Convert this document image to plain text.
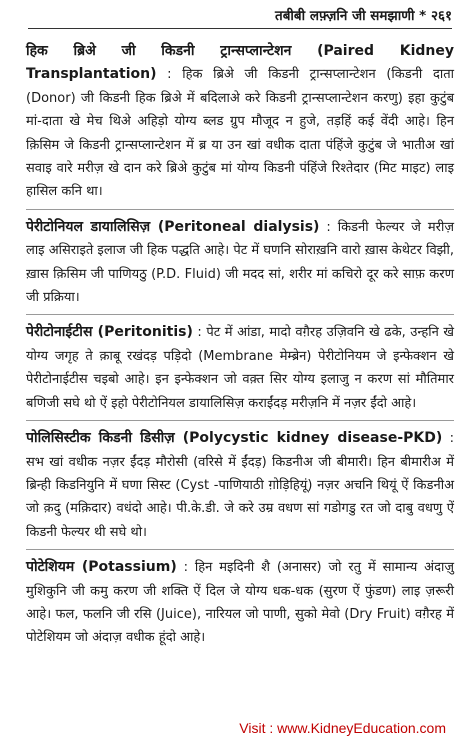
तबीबी लफ़्ज़नि जी समझाणी * २६१

हिक ब्रिअे जी किडनी ट्रान्सप्लान्टेशन (Paired Kidney Transplantation) : हिक ब्रिअे जी किडनी ट्रान्सप्लान्टेशन (किडनी दाता (Donor) जी किडनी हिक ब्रिअे में बदिलाअे करे किडनी ट्रान्सप्लान्टेशन करणु) इहा कुटुंब मां-दाता खे मेच थिअे अहिड़ो योग्य ब्लड ग्रुप मौजूद न हुजे, तड़हिं कई वेंदी आहे। हिन क़िसिम जे किडनी ट्रान्सप्लान्टेशन में ब्र या उन खां वधीक दाता पंहिंजे कुटुंब जे भातीअ खां सवाइ वारे मरीज़ खे दान करे ब्रिअे कुटुंब मां योग्य किडनी पंहिंजे रिश्तेदार (मिट माइट) लाइ हासिल कनि था।

पेरीटोनियल डायालिसिज़ (Peritoneal dialysis) : किडनी फेल्यर जे मरीज़ लाइ असिराइते इलाज जी हिक पद्धति आहे। पेट में घणनि सोराख़नि वारो ख़ास केथेटर विझी, ख़ास क़िसिम जी पाणियठु (P.D. Fluid) जी मदद सां, शरीर मां कचिरो दूर करे साफ़ करण जी प्रक्रिया।

पेरीटोनाईटीस (Peritonitis) : पेट में आंडा, मादो वग़ैरह उज़िवनि खे ढके, उन्हनि खे योग्य जगृह ते क़ाबू रखंदड़ पड़िदो (Membrane मेम्ब्रेन) पेरीटोनियम जे इन्फेक्शन खे पेरीटोनाईटीस चइबो आहे। इन इन्फेक्शन जो वक़्त सिर योग्य इलाजु न करण सां मौतिमार बणिजी सघे थो ऐं इहो पेरीटोनियल डायालिसिज़ कराईंदड़ मरीज़नि में नज़र ईंदो आहे।

पोलिसिस्टीक किडनी डिसीज़ (Polycystic kidney disease-PKD) : सभ खां वधीक नज़र ईंदड़ मौरोसी (वरिसे में ईंदड़) किडनीअ जी बीमारी। हिन बीमारीअ में ब्रिन्ही किडनियुनि में घणा सिस्ट (Cyst -पाणियाठी ग़ोड़िहियूं) नज़र अचनि थियूं ऐं किडनीअ जो क़दु (मक़िदार) वधंदो आहे। पी.के.डी. जे करे उम्र वधण सां गडोगडु रत जो दाबु वधणु ऐं किडनी फेल्यर थी सघे थो।

पोटेशियम (Potassium) : हिन मइदिनी शै (अनासर) जो रतु में सामान्य अंदाज़ु मुशिकुनि जी कमु करण जी शक्ति ऐं दिल जे योग्य धक-धक (सुरण ऐं फुंडण) लाइ ज़रूरी आहे। फल, फलनि जी रसि (Juice), नारियल जो पाणी, सुको मेवो (Dry Fruit) वग़ैरह में पोटेशियम जो अंदाज़ वधीक हूंदो आहे।

Visit : www.KidneyEducation.com
